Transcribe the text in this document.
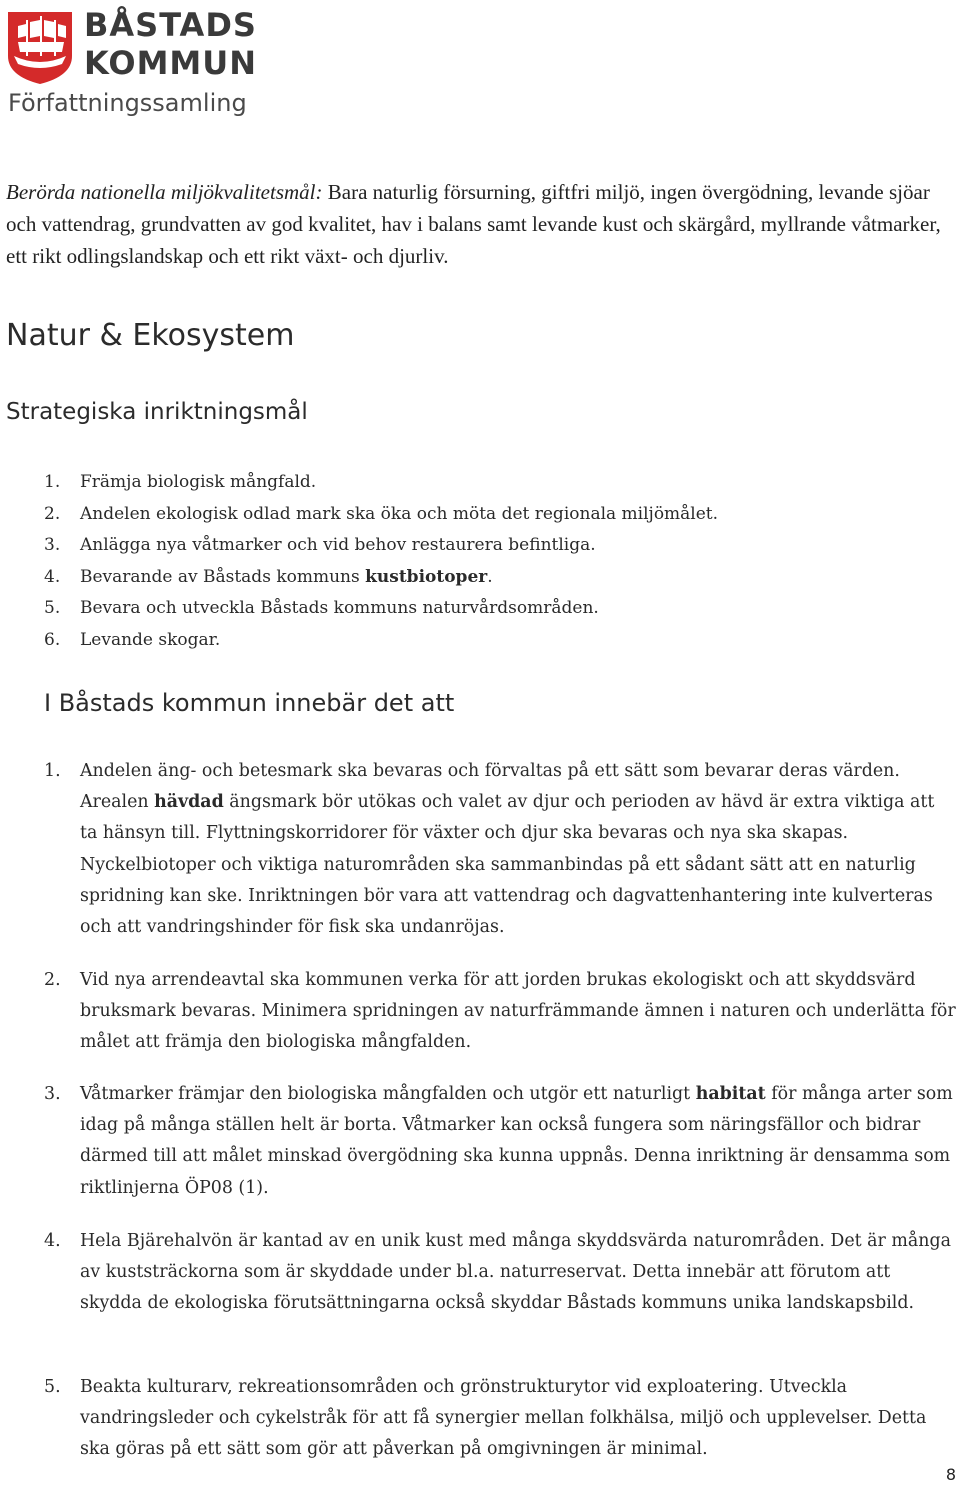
BÅSTADS
KOMMUN
Författningssamling

Berörda nationella miljökvalitetsmål: Bara naturlig försurning, giftfri miljö, ingen övergödning, levande sjöar och vattendrag, grundvatten av god kvalitet, hav i balans samt levande kust och skärgård, myllrande våtmarker, ett rikt odlingslandskap och ett rikt växt- och djurliv.

Natur & Ekosystem
Strategiska inriktningsmål
1. Främja biologisk mångfald.
2. Andelen ekologisk odlad mark ska öka och möta det regionala miljömålet.
3. Anlägga nya våtmarker och vid behov restaurera befintliga.
4. Bevarande av Båstads kommuns kustbiotoper.
5. Bevara och utveckla Båstads kommuns naturvårdsområden.
6. Levande skogar.
I Båstads kommun innebär det att
1. Andelen äng- och betesmark ska bevaras och förvaltas på ett sätt som bevarar deras värden. Arealen hävdad ängsmark bör utökas och valet av djur och perioden av hävd är extra viktiga att ta hänsyn till. Flyttningskorridorer för växter och djur ska bevaras och nya ska skapas. Nyckelbiotoper och viktiga naturområden ska sammanbindas på ett sådant sätt att en naturlig spridning kan ske. Inriktningen bör vara att vattendrag och dagvattenhantering inte kulverteras och att vandringshinder för fisk ska undanröjas.
2. Vid nya arrendeavtal ska kommunen verka för att jorden brukas ekologiskt och att skyddsvärd bruksmark bevaras. Minimera spridningen av naturfrämmande ämnen i naturen och underlätta för målet att främja den biologiska mångfalden.
3. Våtmarker främjar den biologiska mångfalden och utgör ett naturligt habitat för många arter som idag på många ställen helt är borta. Våtmarker kan också fungera som näringsfällor och bidrar därmed till att målet minskad övergödning ska kunna uppnås. Denna inriktning är densamma som riktlinjerna ÖP08 (1).
4. Hela Bjärehalvön är kantad av en unik kust med många skyddsvärda naturområden. Det är många av kuststräckorna som är skyddade under bl.a. naturreservat. Detta innebär att förutom att skydda de ekologiska förutsättningarna också skyddar Båstads kommuns unika landskapsbild.
5. Beakta kulturarv, rekreationsområden och grönstrukturytor vid exploatering. Utveckla vandringsleder och cykelstråk för att få synergier mellan folkhälsa, miljö och upplevelser. Detta ska göras på ett sätt som gör att påverkan på omgivningen är minimal.
8
